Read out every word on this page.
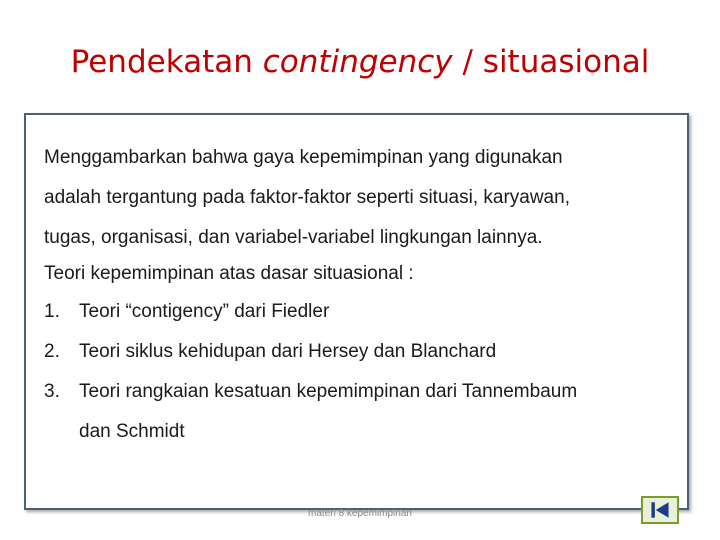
Pendekatan contingency / situasional

Menggambarkan bahwa gaya kepemimpinan yang digunakan
adalah tergantung pada faktor-faktor seperti situasi, karyawan,
tugas, organisasi, dan variabel-variabel lingkungan lainnya.

Teori kepemimpinan atas dasar situasional :

1. Teori “contigency” dari Fiedler
2. Teori siklus kehidupan dari Hersey dan Blanchard
3. Teori rangkaian kesatuan kepemimpinan dari Tannembaum
dan Schmidt
materi 8 kepemimpinan
